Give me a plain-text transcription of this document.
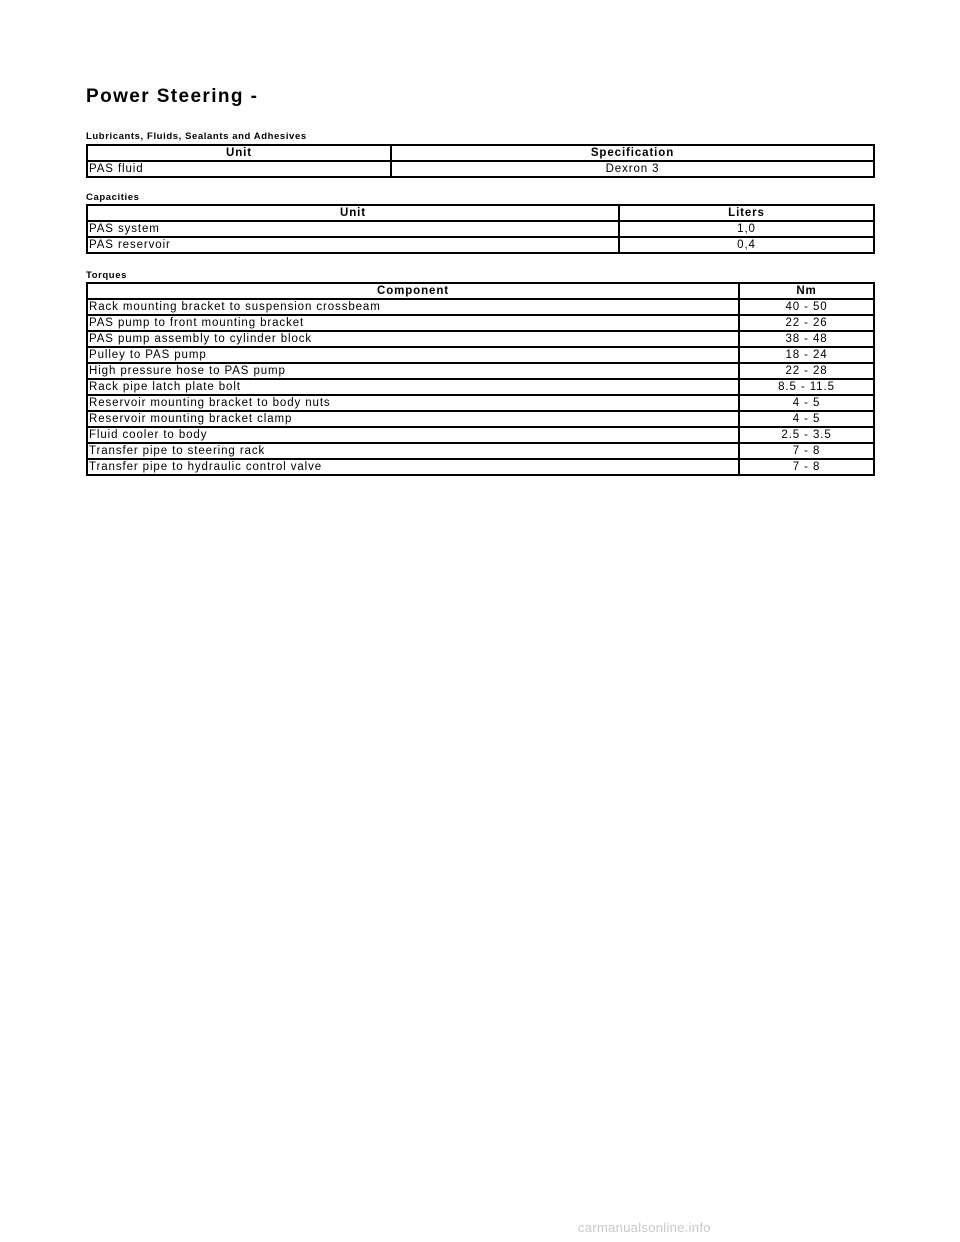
Power Steering -
Lubricants, Fluids, Sealants and Adhesives
Unit	Specification
PAS fluid	Dexron 3
Capacities
Unit	Liters
PAS system	1,0
PAS reservoir	0,4
Torques
Component	Nm
Rack mounting bracket to suspension crossbeam	40 - 50
PAS pump to front mounting bracket	22 - 26
PAS pump assembly to cylinder block	38 - 48
Pulley to PAS pump	18 - 24
High pressure hose to PAS pump	22 - 28
Rack pipe latch plate bolt	8.5 - 11.5
Reservoir mounting bracket to body nuts	4 - 5
Reservoir mounting bracket clamp	4 - 5
Fluid cooler to body	2.5 - 3.5
Transfer pipe to steering rack	7 - 8
Transfer pipe to hydraulic control valve	7 - 8
carmanualsonline.info
